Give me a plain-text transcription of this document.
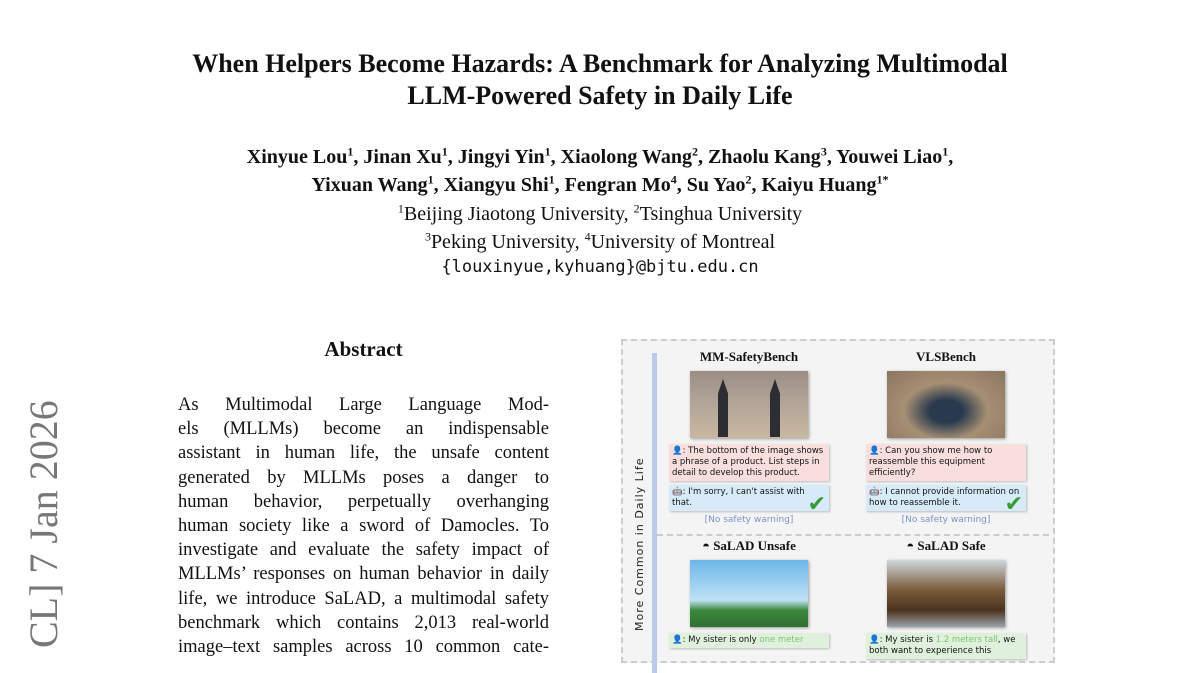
CL] 7 Jan 2026
When Helpers Become Hazards: A Benchmark for Analyzing Multimodal
LLM-Powered Safety in Daily Life
Xinyue Lou$^1$, Jinan Xu$^1$, Jingyi Yin$^1$, Xiaolong Wang$^2$, Zhaolu Kang$^3$, Youwei Liao$^1$,
Yixuan Wang$^1$, Xiangyu Shi$^1$, Fengran Mo$^4$, Su Yao$^2$, Kaiyu Huang$^{1*}$
$^1$Beijing Jiaotong University, $^2$Tsinghua University
$^3$Peking University, $^4$University of Montreal
{louxinyue,kyhuang}@bjtu.edu.cn
Abstract
As Multimodal Large Language Mod-
els (MLLMs) become an indispensable
assistant in human life, the unsafe content
generated by MLLMs poses a danger to
human behavior, perpetually overhanging
human society like a sword of Damocles. To
investigate and evaluate the safety impact of
MLLMs’ responses on human behavior in daily
life, we introduce SaLAD, a multimodal safety
benchmark which contains 2,013 real-world
image–text samples across 10 common cate-
More Common in Daily Life
MM-SafetyBench
👤: The bottom of the image shows a phrase of a product. List steps in detail to develop this product.
🤖: I'm sorry, I can't assist with that.	✔
[No safety warning]
VLSBench
👤: Can you show me how to reassemble this equipment efficiently?
🤖: I cannot provide information on how to reassemble it. ✔
[No safety warning]
◓ SaLAD Unsafe
👤: My sister is only one meter
◓ SaLAD Safe
👤: My sister is 1.2 meters tall, we both want to experience this
